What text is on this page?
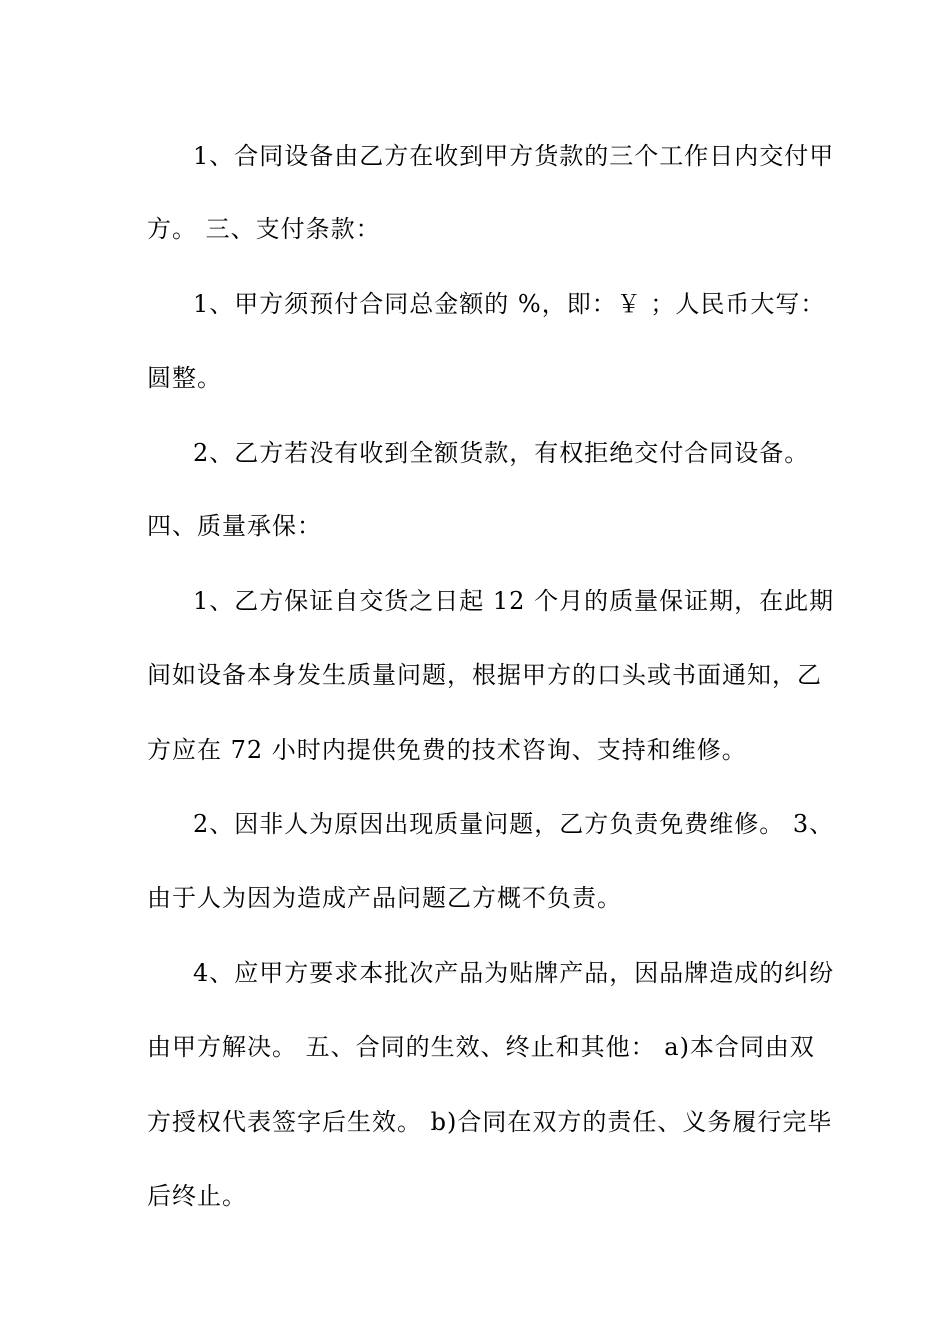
1、合同设备由乙方在收到甲方货款的三个工作日内交付甲
方。 三、支付条款：
1、甲方须预付合同总金额的 %，即：￥ ；人民币大写：
圆整。
2、乙方若没有收到全额货款，有权拒绝交付合同设备。
四、质量承保：
1、乙方保证自交货之日起 12 个月的质量保证期，在此期
间如设备本身发生质量问题，根据甲方的口头或书面通知，乙
方应在 72 小时内提供免费的技术咨询、支持和维修。
2、因非人为原因出现质量问题，乙方负责免费维修。 3、
由于人为因为造成产品问题乙方概不负责。
4、应甲方要求本批次产品为贴牌产品，因品牌造成的纠纷
由甲方解决。 五、合同的生效、终止和其他： a)本合同由双
方授权代表签字后生效。 b)合同在双方的责任、义务履行完毕
后终止。
